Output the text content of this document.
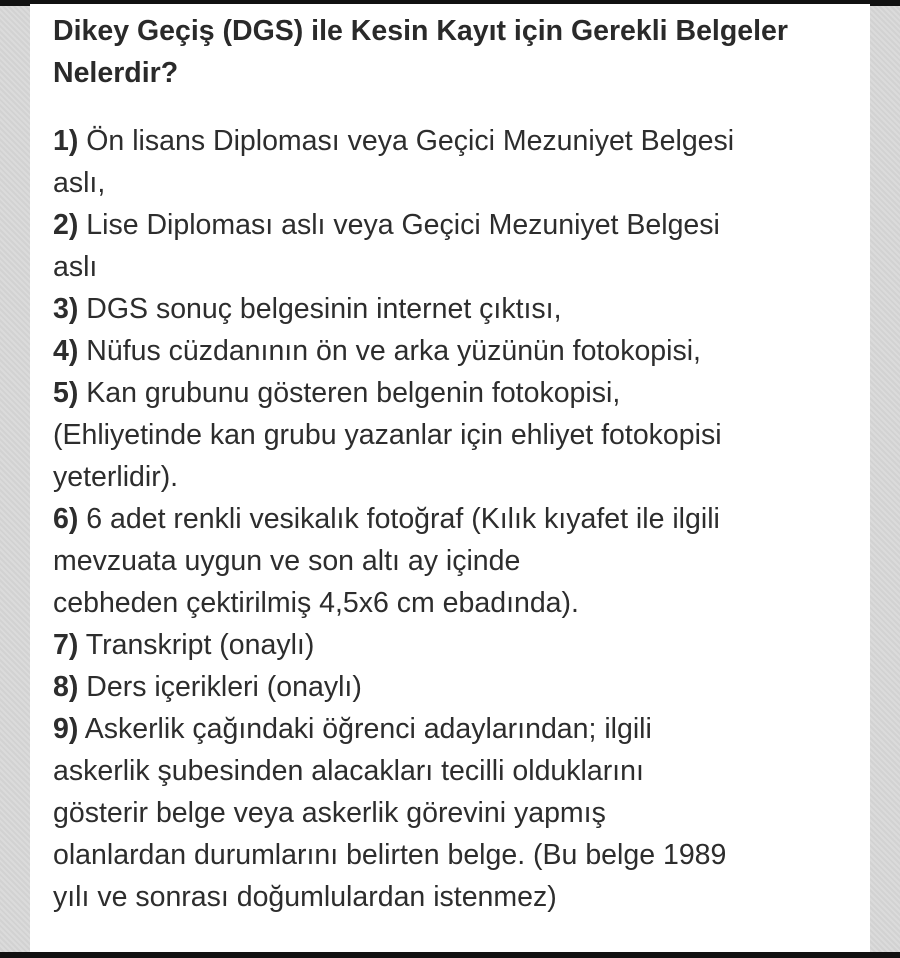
Dikey Geçiş (DGS) ile Kesin Kayıt için Gerekli Belgeler Nelerdir?
1) Ön lisans Diploması veya Geçici Mezuniyet Belgesi
aslı,
2) Lise Diploması aslı veya Geçici Mezuniyet Belgesi
aslı
3) DGS sonuç belgesinin internet çıktısı,
4) Nüfus cüzdanının ön ve arka yüzünün fotokopisi,
5) Kan grubunu gösteren belgenin fotokopisi,
(Ehliyetinde kan grubu yazanlar için ehliyet fotokopisi
yeterlidir).
6) 6 adet renkli vesikalık fotoğraf (Kılık kıyafet ile ilgili
mevzuata uygun ve son altı ay içinde
cebheden çektirilmiş 4,5x6 cm ebadında).
7) Transkript (onaylı)
8) Ders içerikleri (onaylı)
9) Askerlik çağındaki öğrenci adaylarından; ilgili
askerlik şubesinden alacakları tecilli olduklarını
gösterir belge veya askerlik görevini yapmış
olanlardan durumlarını belirten belge. (Bu belge 1989
yılı ve sonrası doğumlulardan istenmez)
